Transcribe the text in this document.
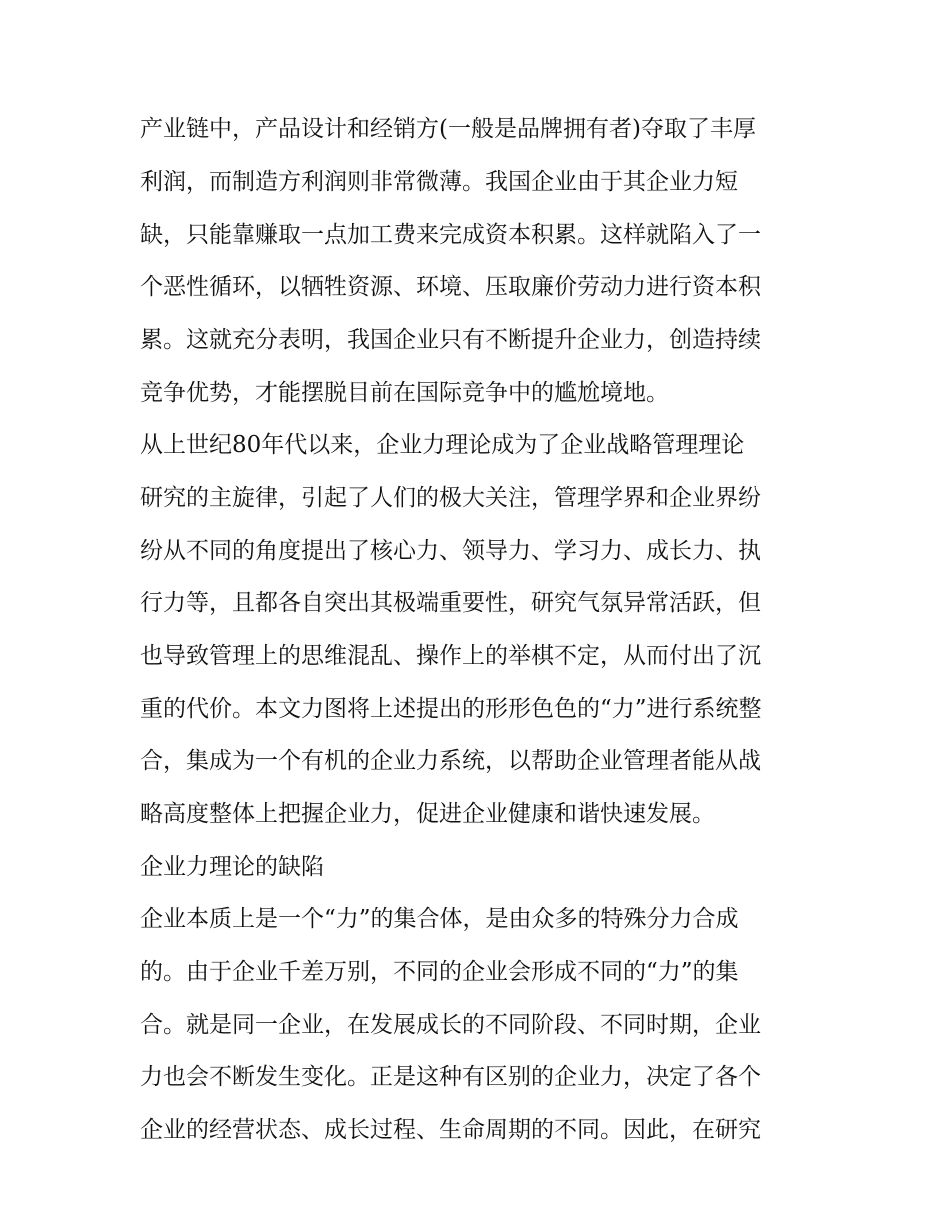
产业链中，产品设计和经销方(一般是品牌拥有者)夺取了丰厚
利润，而制造方利润则非常微薄。我国企业由于其企业力短
缺，只能靠赚取一点加工费来完成资本积累。这样就陷入了一
个恶性循环，以牺牲资源、环境、压取廉价劳动力进行资本积
累。这就充分表明，我国企业只有不断提升企业力，创造持续
竞争优势，才能摆脱目前在国际竞争中的尴尬境地。
从上世纪80年代以来，企业力理论成为了企业战略管理理论
研究的主旋律，引起了人们的极大关注，管理学界和企业界纷
纷从不同的角度提出了核心力、领导力、学习力、成长力、执
行力等，且都各自突出其极端重要性，研究气氛异常活跃，但
也导致管理上的思维混乱、操作上的举棋不定，从而付出了沉
重的代价。本文力图将上述提出的形形色色的“力”进行系统整
合，集成为一个有机的企业力系统，以帮助企业管理者能从战
略高度整体上把握企业力，促进企业健康和谐快速发展。
企业力理论的缺陷
企业本质上是一个“力”的集合体，是由众多的特殊分力合成
的。由于企业千差万别，不同的企业会形成不同的“力”的集
合。就是同一企业，在发展成长的不同阶段、不同时期，企业
力也会不断发生变化。正是这种有区别的企业力，决定了各个
企业的经营状态、成长过程、生命周期的不同。因此，在研究
